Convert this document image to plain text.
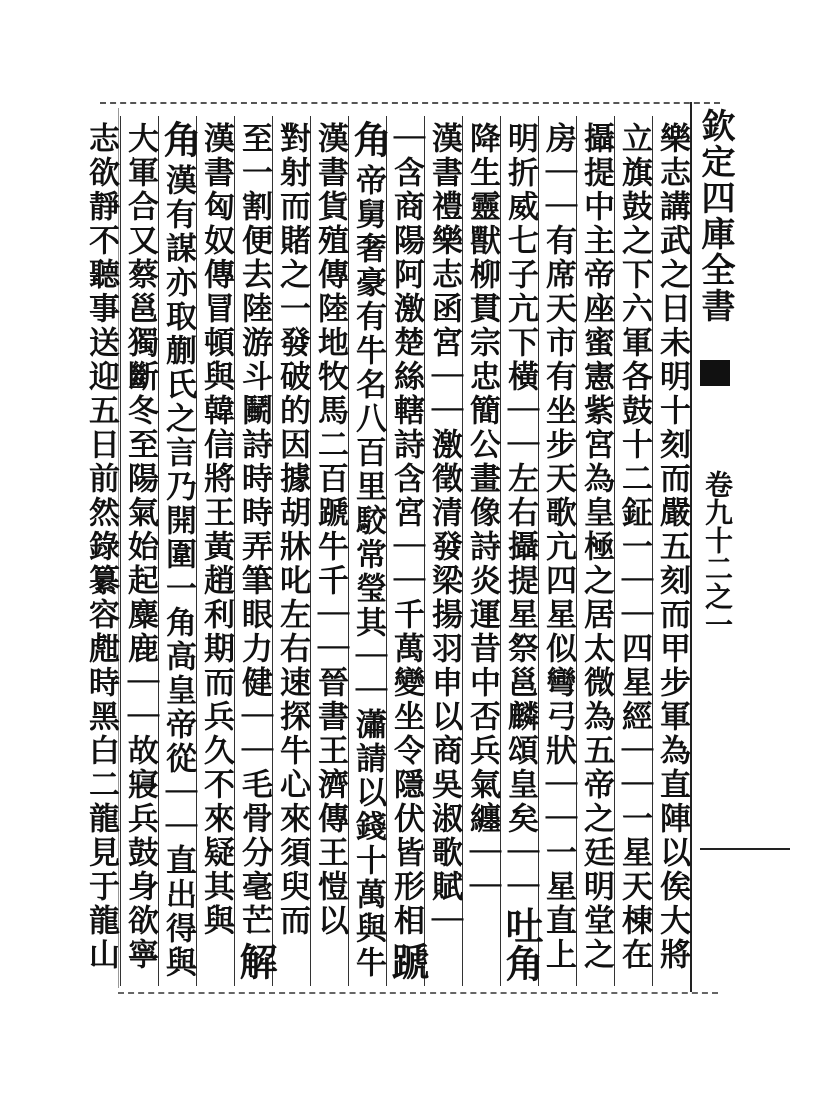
欽定四庫全書
卷九十二之一
樂志講武之日未明十刻而嚴五刻而甲步軍為直陣以俟大將
立旗鼓之下六軍各鼓十二鉦一｜｜四星經｜｜一星天棟在
攝提中主帝座蜜憲紫宮為皇極之居太微為五帝之廷明堂之
房｜｜有席天市有坐步天歌亢四星似彎弓狀｜｜一星直上
明折威七子亢下橫｜｜左右攝提星祭邕麟頌皇矣｜｜
吐角
降生靈獸柳貫宗忠簡公畫像詩炎運昔中否兵氣纏｜｜
漢書禮樂志函宮｜｜激徵清發梁揚羽申以商吳淑歌賦｜
｜含商陽阿激楚絲轄詩含宮｜｜千萬變坐令隱伏皆形相
蹏
角
帝舅奢豪有牛名八百里駮常瑩其｜｜瀟請以錢十萬與牛
漢書貨殖傳陸地牧馬二百蹏牛千｜｜晉書王濟傳王愷以
對射而賭之一發破的因據胡牀叱左右速探牛心來須臾而
至一割便去陸游斗鬭詩時時弄筆眼力健｜｜毛骨分毫芒
解
漢書匈奴傳冒頓與韓信將王黃趙利期而兵久不來疑其與
角
漢有謀亦取蒯氏之言乃開圍一角高皇帝從｜｜直出得與
大軍合又蔡邕獨斷冬至陽氣始起麋鹿｜｜故寢兵鼓身欲寧
志欲靜不聽事送迎五日前然錄纂容甝時黑白二龍見于龍山
